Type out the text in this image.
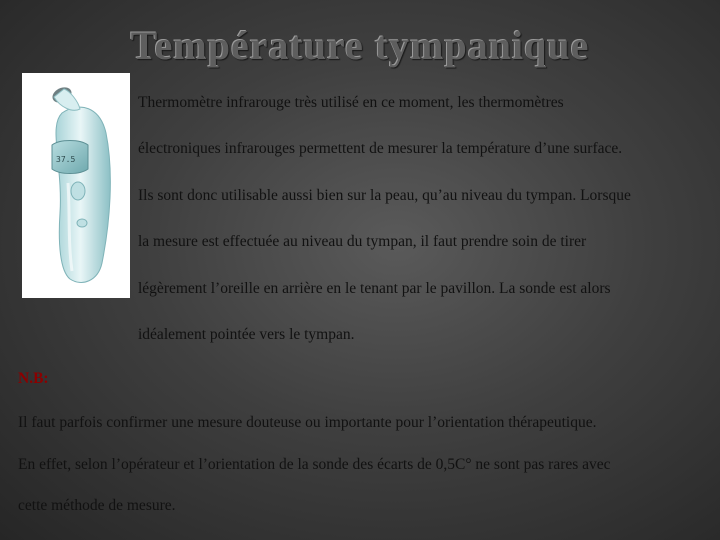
Température tympanique
37.5
Thermomètre infrarouge très utilisé en ce moment, les thermomètres
électroniques infrarouges permettent de mesurer la température d’une surface.
Ils sont donc utilisable aussi bien sur la peau, qu’au niveau du tympan. Lorsque
la mesure est effectuée au niveau du tympan, il faut prendre soin de tirer
légèrement l’oreille en arrière en le tenant par le pavillon. La sonde est alors
idéalement pointée vers le tympan.
N.B:
Il faut parfois confirmer une mesure douteuse ou importante pour l’orientation thérapeutique.
En effet, selon l’opérateur et l’orientation de la sonde des écarts de 0,5C° ne sont pas rares avec
cette méthode de mesure.
